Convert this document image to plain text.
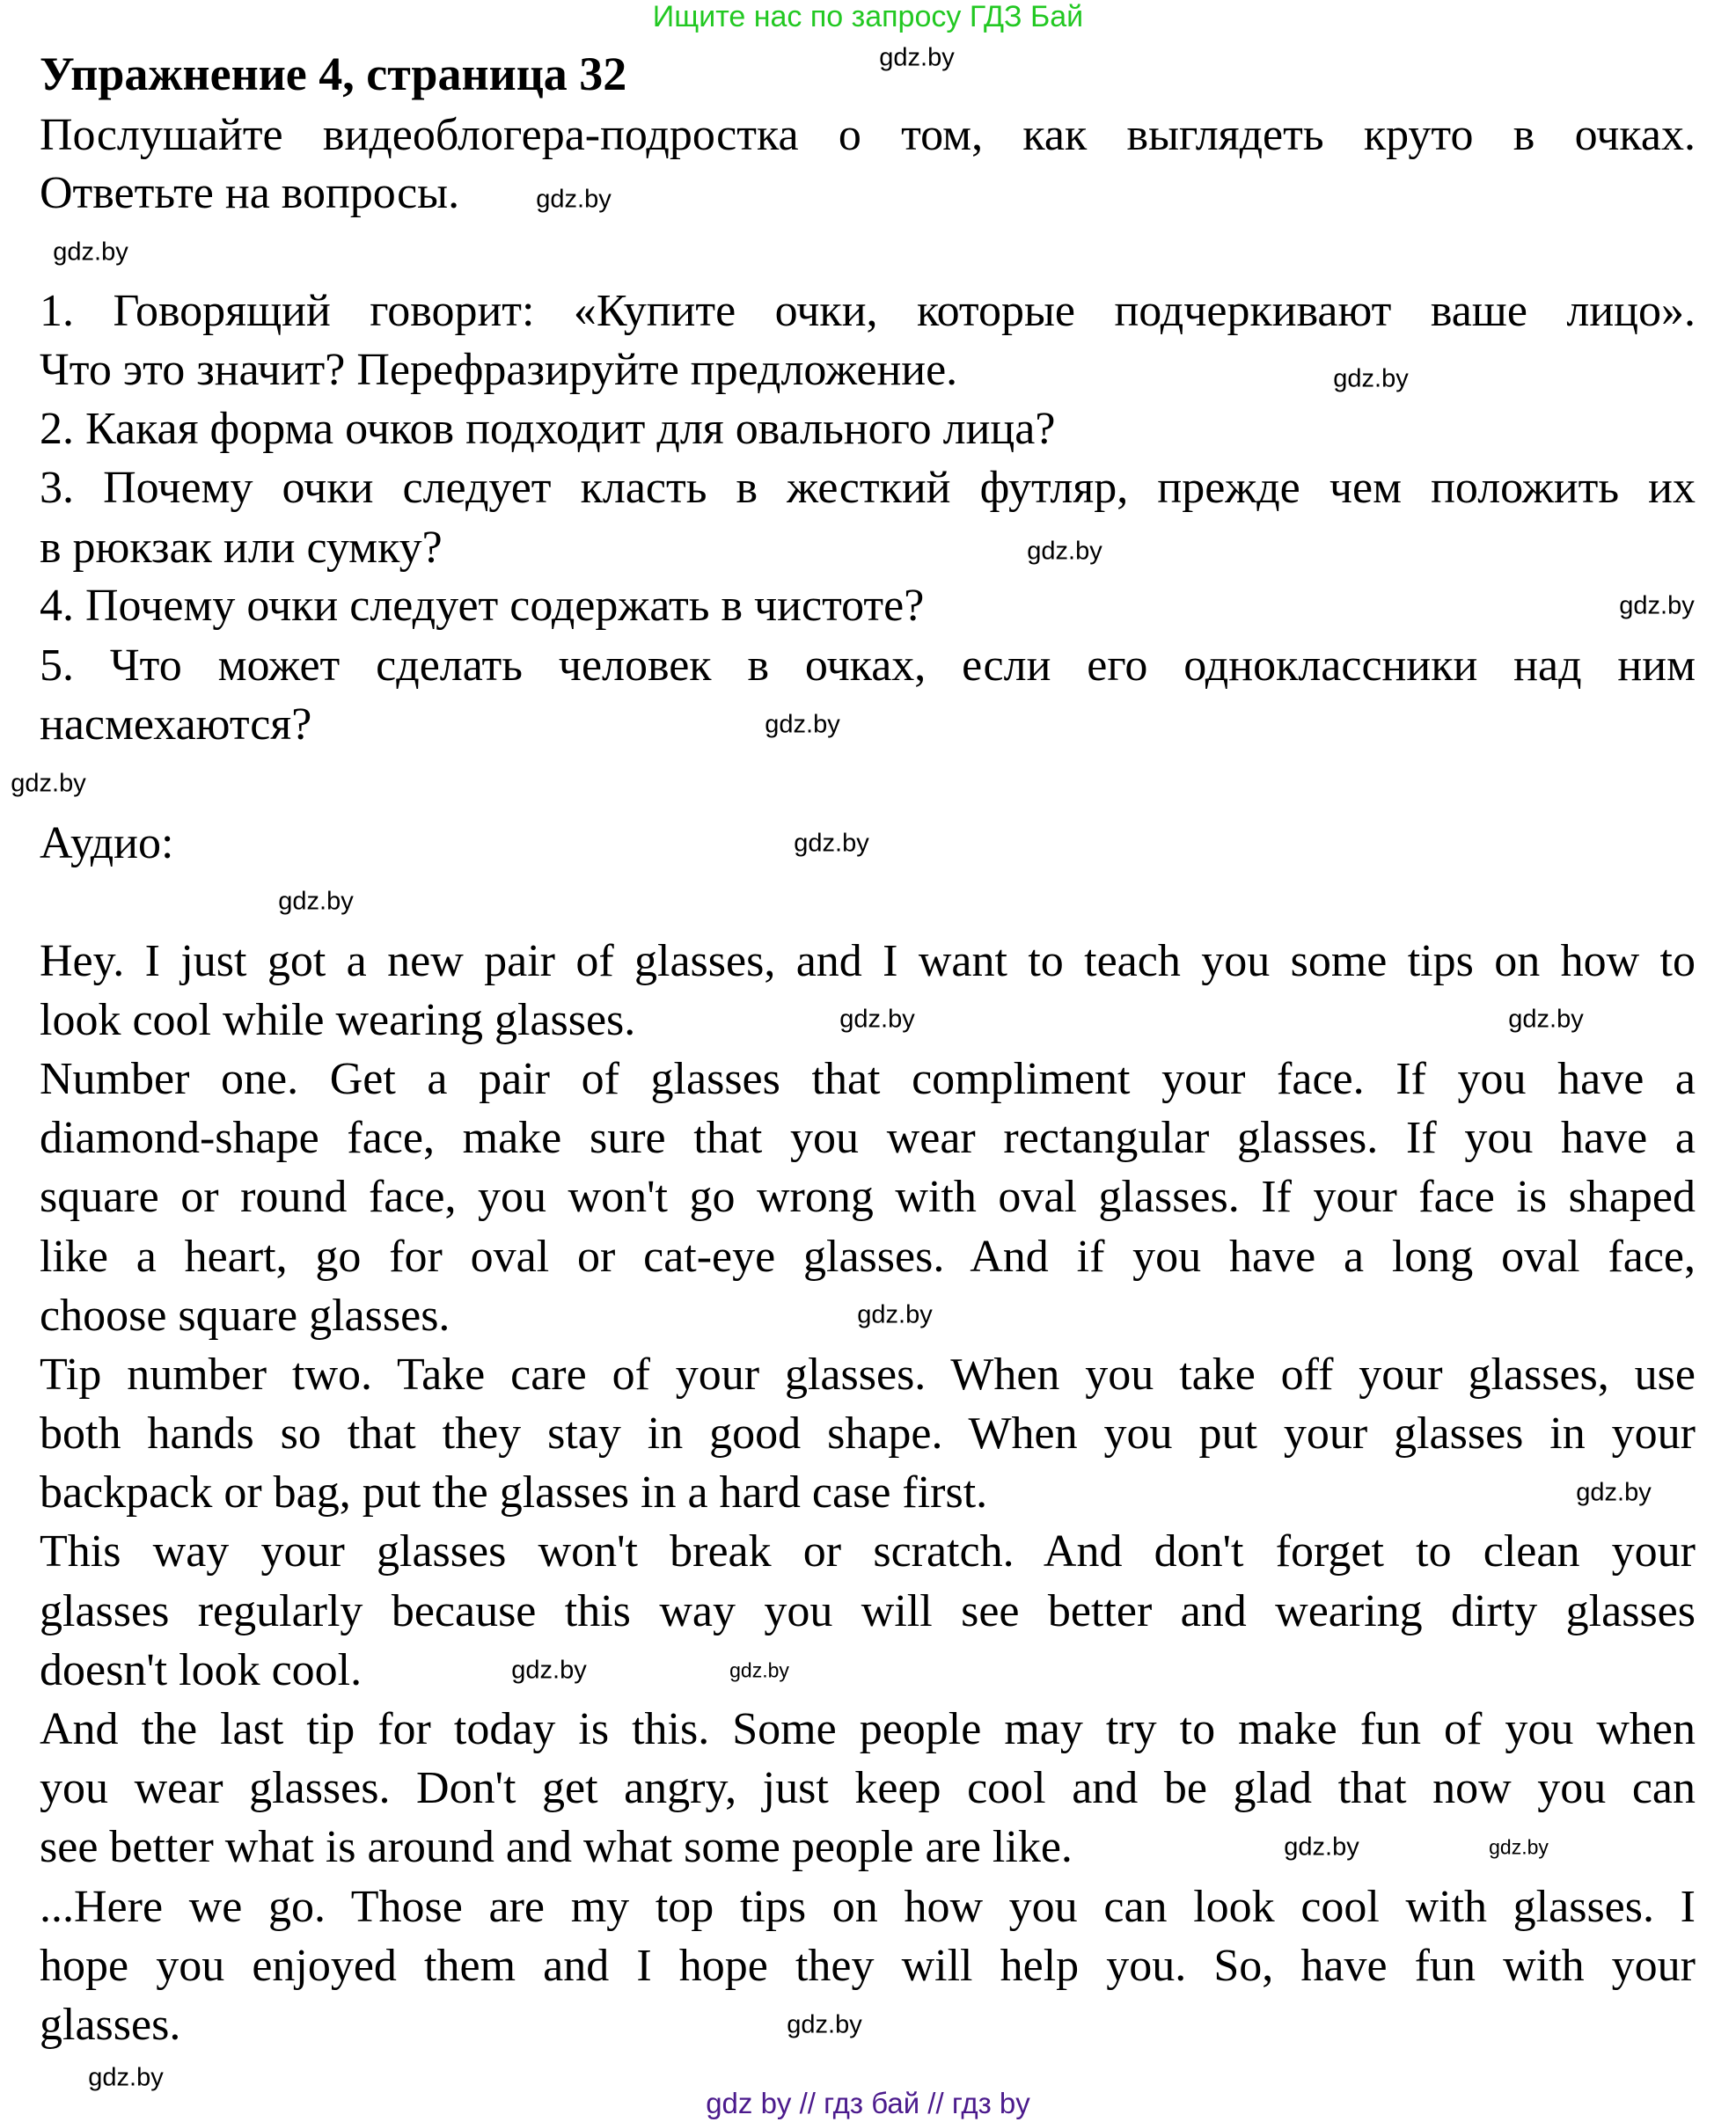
Ищите нас по запросу ГДЗ Бай
Упражнение 4, страница 32
Послушайте видеоблогера-подростка о том, как выглядеть круто в очках.
Ответьте на вопросы.
1. Говорящий говорит: «Купите очки, которые подчеркивают ваше лицо».
Что это значит? Перефразируйте предложение.
2. Какая форма очков подходит для овального лица?
3. Почему очки следует класть в жесткий футляр, прежде чем положить их
в рюкзак или сумку?
4. Почему очки следует содержать в чистоте?
5. Что может сделать человек в очках, если его одноклассники над ним
насмехаются?
Аудио:
Hey. I just got a new pair of glasses, and I want to teach you some tips on how to
look cool while wearing glasses.
Number one. Get a pair of glasses that compliment your face. If you have a
diamond-shape face, make sure that you wear rectangular glasses. If you have a
square or round face, you won't go wrong with oval glasses. If your face is shaped
like a heart, go for oval or cat-eye glasses. And if you have a long oval face,
choose square glasses.
Tip number two. Take care of your glasses. When you take off your glasses, use
both hands so that they stay in good shape. When you put your glasses in your
backpack or bag, put the glasses in a hard case first.
This way your glasses won't break or scratch. And don't forget to clean your
glasses regularly because this way you will see better and wearing dirty glasses
doesn't look cool.
And the last tip for today is this. Some people may try to make fun of you when
you wear glasses. Don't get angry, just keep cool and be glad that now you can
see better what is around and what some people are like.
...Here we go. Those are my top tips on how you can look cool with glasses. I
hope you enjoyed them and I hope they will help you. So, have fun with your
glasses.
gdz.by
gdz.by
gdz.by
gdz.by
gdz.by
gdz.by
gdz.by
gdz.by
gdz.by
gdz.by
gdz.by	gdz.by
gdz.by
gdz.by
gdz.by
gdz.by
gdz.by
gdz.by
gdz.by
gdz.by
gdz by // гдз бай // гдз by
